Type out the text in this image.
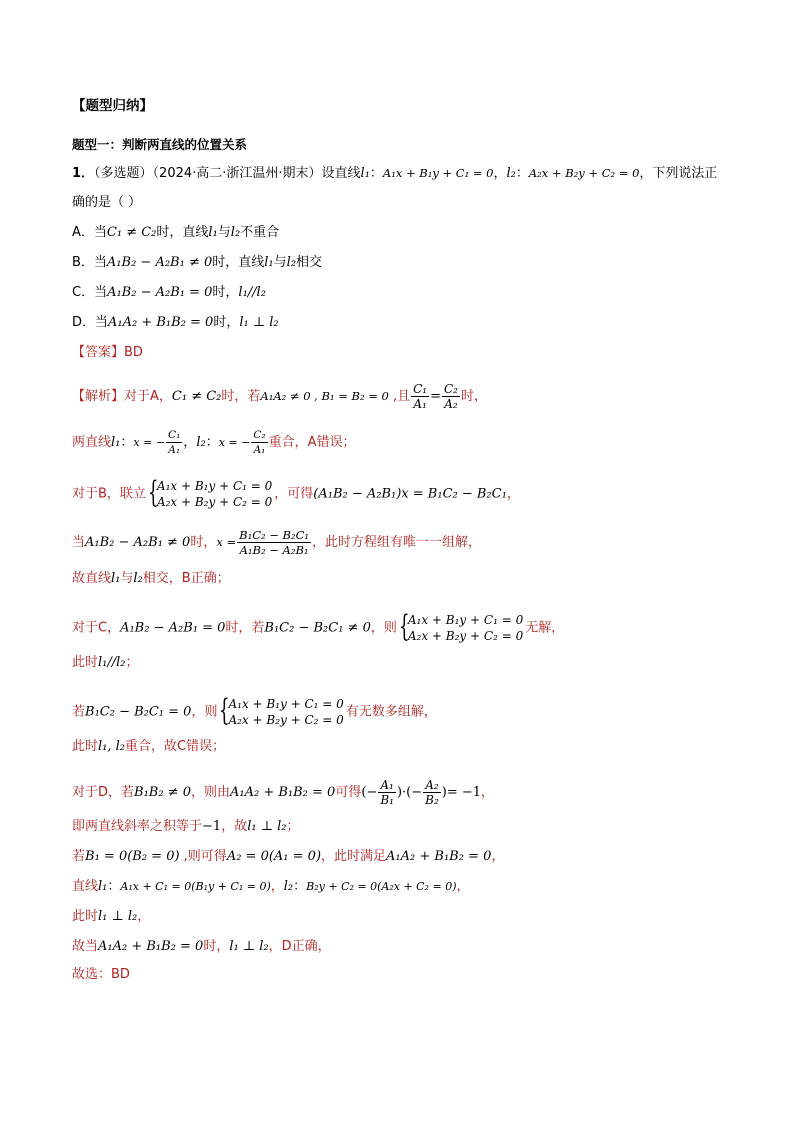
【题型归纳】
题型一：判断两直线的位置关系
1．（多选题）（2024·高二·浙江温州·期末）设直线l₁：A₁x + B₁y + C₁ = 0，l₂：A₂x + B₂y + C₂ = 0，下列说法正
确的是（ ）
A．当C₁ ≠ C₂时，直线l₁与l₂不重合
B．当A₁B₂ − A₂B₁ ≠ 0时，直线l₁与l₂相交
C．当A₁B₂ − A₂B₁ = 0时，l₁//l₂
D．当A₁A₂ + B₁B₂ = 0时，l₁ ⊥ l₂
【答案】BD
【解析】对于A，C₁ ≠ C₂时，若A₁A₂ ≠ 0 , B₁ = B₂ = 0 ,且 $\frac{\text{C₁}}{\text{A₁}} = \frac{\text{C₂}}{\text{A₂}}$ 时，
两直线l₁：x = − $\frac{\text{C₁}}{\text{A₁}}$ ，l₂：x = − $\frac{\text{C₂}}{\text{A₁}}$ 重合，A错误；
对于B，联立 {
A₁x + B₁y + C₁ = 0
A₂x + B₂y + C₂ = 0
，可得(A₁B₂ − A₂B₁)x = B₁C₂ − B₂C₁，
当A₁B₂ − A₂B₁ ≠ 0时，$x = \frac{\text{B₁C₂ − B₂C₁}}{\text{A₁B₂ − A₂B₁}}$ ，此时方程组有唯一一组解，
故直线l₁与l₂相交，B正确；
对于C，A₁B₂ − A₂B₁ = 0时，若B₁C₂ − B₂C₁ ≠ 0，则 {
A₁x + B₁y + C₁ = 0
A₂x + B₂y + C₂ = 0
无解，
此时l₁//l₂；
若B₁C₂ − B₂C₁ = 0，则 {
A₁x + B₁y + C₁ = 0
A₂x + B₂y + C₂ = 0
有无数多组解，
此时l₁, l₂重合，故C错误；
对于D，若B₁B₂ ≠ 0，则由A₁A₂ + B₁B₂ = 0可得(− $\frac{\text{A₁}}{\text{B₁}}$ )·(− $\frac{\text{A₂}}{\text{B₂}}$ )= −1，
即两直线斜率之积等于−1，故l₁ ⊥ l₂；
若B₁ = 0(B₂ = 0) ,则可得A₂ = 0(A₁ = 0)，此时满足A₁A₂ + B₁B₂ = 0，
直线l₁：A₁x + C₁ = 0(B₁y + C₁ = 0)，l₂：B₂y + C₂ = 0(A₂x + C₂ = 0)，
此时l₁ ⊥ l₂，
故当A₁A₂ + B₁B₂ = 0时，l₁ ⊥ l₂，D正确，
故选：BD
